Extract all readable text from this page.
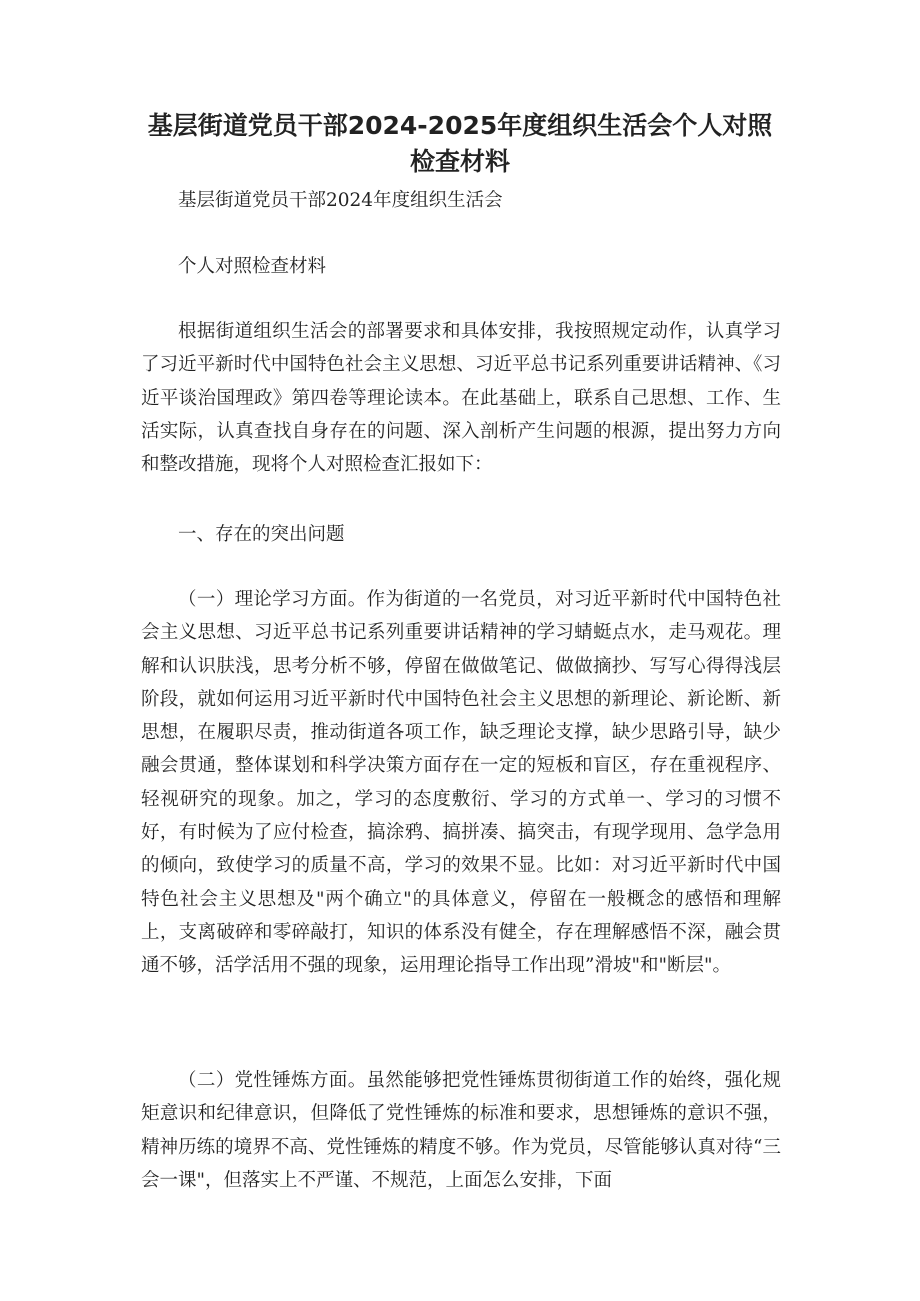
基层街道党员干部2024-2025年度组织生活会个人对照检查材料

基层街道党员干部2024年度组织生活会

个人对照检查材料

根据街道组织生活会的部署要求和具体安排，我按照规定动作，认真学习了习近平新时代中国特色社会主义思想、习近平总书记系列重要讲话精神、《习近平谈治国理政》第四卷等理论读本。在此基础上，联系自己思想、工作、生活实际，认真查找自身存在的问题、深入剖析产生问题的根源，提出努力方向和整改措施，现将个人对照检查汇报如下：

一、存在的突出问题

（一）理论学习方面。作为街道的一名党员，对习近平新时代中国特色社会主义思想、习近平总书记系列重要讲话精神的学习蜻蜓点水，走马观花。理解和认识肤浅，思考分析不够，停留在做做笔记、做做摘抄、写写心得得浅层阶段，就如何运用习近平新时代中国特色社会主义思想的新理论、新论断、新思想，在履职尽责，推动街道各项工作，缺乏理论支撑，缺少思路引导，缺少融会贯通，整体谋划和科学决策方面存在一定的短板和盲区，存在重视程序、轻视研究的现象。加之，学习的态度敷衍、学习的方式单一、学习的习惯不好，有时候为了应付检查，搞涂鸦、搞拼凑、搞突击，有现学现用、急学急用的倾向，致使学习的质量不高，学习的效果不显。比如：对习近平新时代中国特色社会主义思想及"两个确立"的具体意义，停留在一般概念的感悟和理解上，支离破碎和零碎敲打，知识的体系没有健全，存在理解感悟不深，融会贯通不够，活学活用不强的现象，运用理论指导工作出现”滑坡"和"断层"。

（二）党性锤炼方面。虽然能够把党性锤炼贯彻街道工作的始终，强化规矩意识和纪律意识，但降低了党性锤炼的标准和要求，思想锤炼的意识不强，精神历练的境界不高、党性锤炼的精度不够。作为党员，尽管能够认真对待“三会一课"，但落实上不严谨、不规范，上面怎么安排，下面
